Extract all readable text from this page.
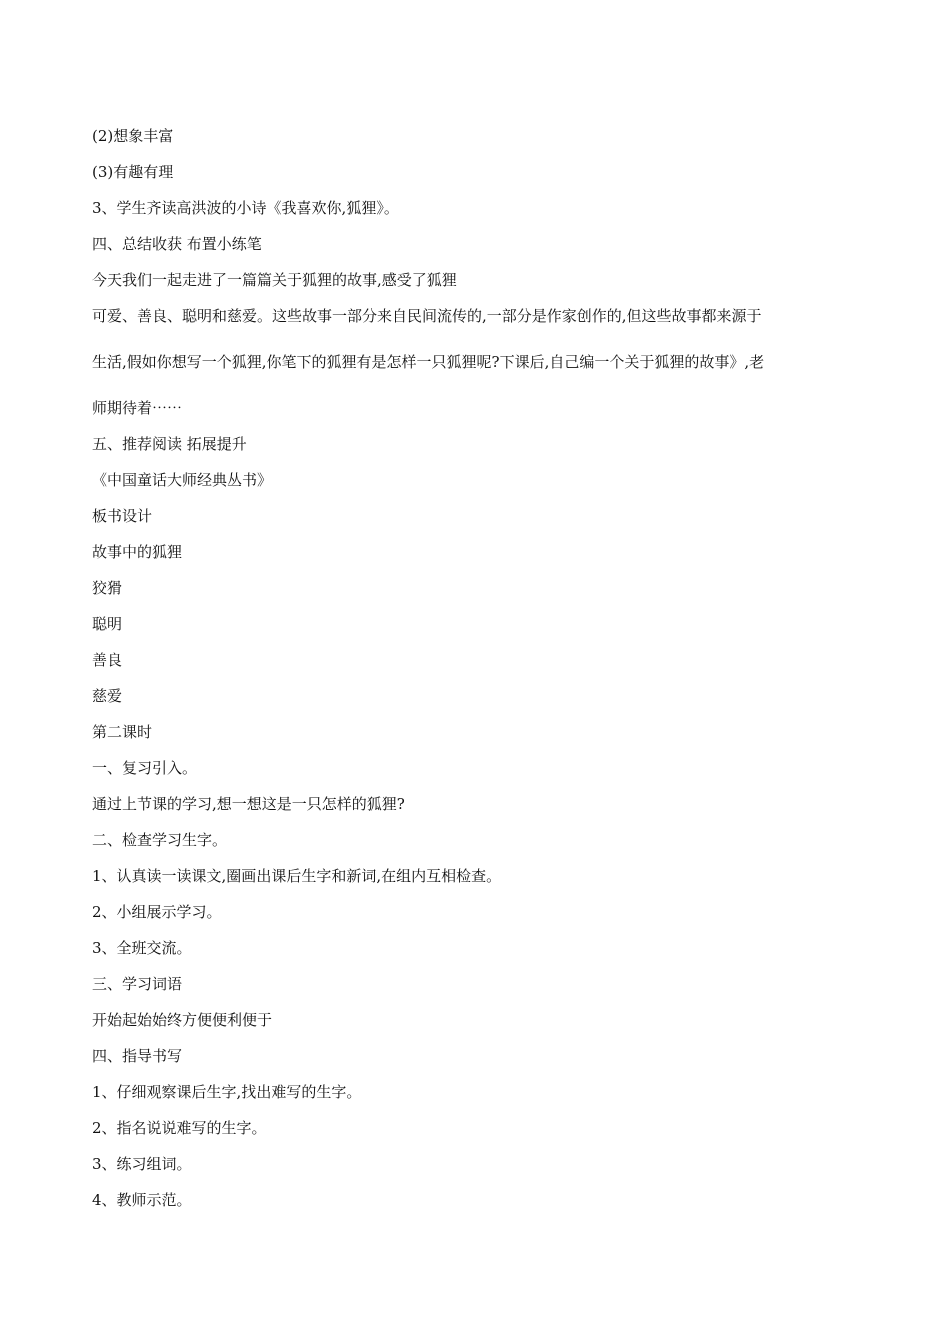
(2)想象丰富

(3)有趣有理

3、学生齐读高洪波的小诗《我喜欢你,狐狸》。

四、总结收获 布置小练笔

今天我们一起走进了一篇篇关于狐狸的故事,感受了狐狸

可爱、善良、聪明和慈爱。这些故事一部分来自民间流传的,一部分是作家创作的,但这些故事都来源于
生活,假如你想写一个狐狸,你笔下的狐狸有是怎样一只狐狸呢?下课后,自己编一个关于狐狸的故事》,老
师期待着⋯⋯

五、推荐阅读 拓展提升

《中国童话大师经典丛书》

板书设计

故事中的狐狸

狡猾

聪明

善良

慈爱

第二课时

一、复习引入。

通过上节课的学习,想一想这是一只怎样的狐狸?

二、检查学习生字。

1、认真读一读课文,圈画出课后生字和新词,在组内互相检查。

2、小组展示学习。

3、全班交流。

三、学习词语

开始起始始终方便便利便于

四、指导书写

1、仔细观察课后生字,找出难写的生字。

2、指名说说难写的生字。

3、练习组词。

4、教师示范。
